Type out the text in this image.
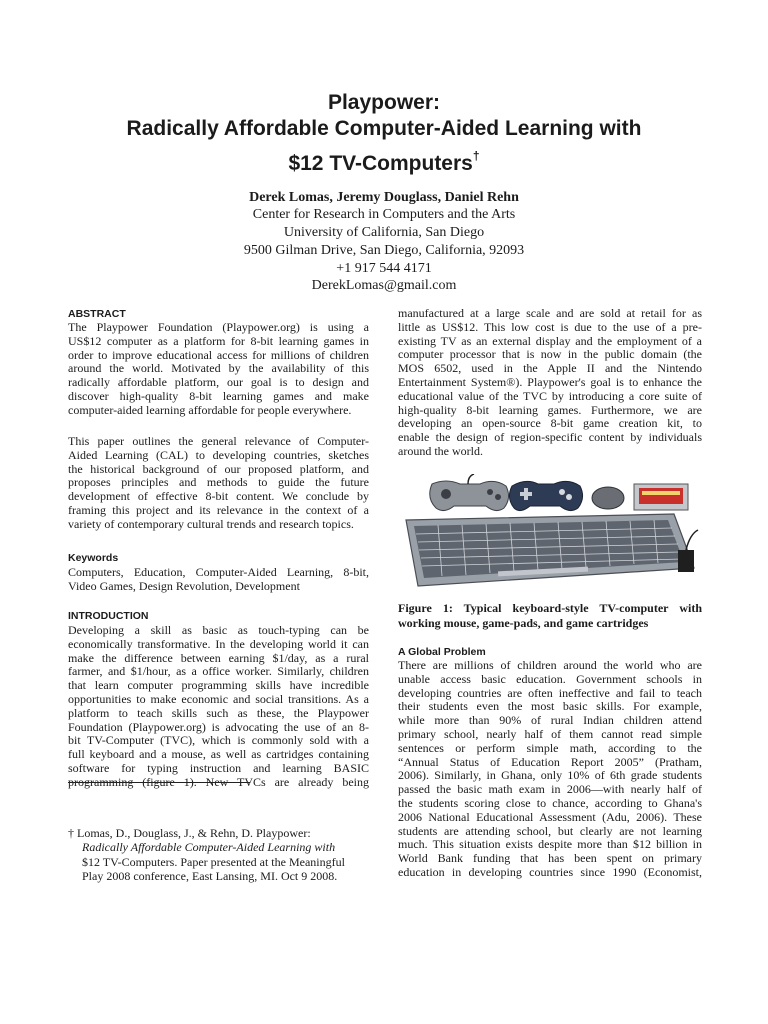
Playpower:
Radically Affordable Computer-Aided Learning with
$12 TV-Computers†
Derek Lomas, Jeremy Douglass, Daniel Rehn
Center for Research in Computers and the Arts
University of California, San Diego
9500 Gilman Drive, San Diego, California, 92093
+1 917 544 4171
DerekLomas@gmail.com
ABSTRACT
The Playpower Foundation (Playpower.org) is using a
US$12 computer as a platform for 8-bit learning games in
order to improve educational access for millions of children
around the world. Motivated by the availability of this
radically affordable platform, our goal is to design and
discover high-quality 8-bit learning games and make
computer-aided learning affordable for people everywhere.
This paper outlines the general relevance of Computer-
Aided Learning (CAL) to developing countries, sketches
the historical background of our proposed platform, and
proposes principles and methods to guide the future
development of effective 8-bit content. We conclude by
framing this project and its relevance in the context of a
variety of contemporary cultural trends and research topics.
Keywords
Computers, Education, Computer-Aided Learning, 8-bit,
Video Games, Design Revolution, Development
INTRODUCTION
Developing a skill as basic as touch-typing can be
economically transformative. In the developing world it can
make the difference between earning $1/day, as a rural
farmer, and $1/hour, as a office worker. Similarly, children
that learn computer programming skills have incredible
opportunities to make economic and social transitions. As a
platform to teach skills such as these, the Playpower
Foundation (Playpower.org) is advocating the use of an 8-
bit TV-Computer (TVC), which is commonly sold with a
full keyboard and a mouse, as well as cartridges containing
software for typing instruction and learning BASIC
programming (figure 1). New TVCs are already being
† Lomas, D., Douglass, J., & Rehn, D. Playpower:
Radically Affordable Computer-Aided Learning with
$12 TV-Computers. Paper presented at the Meaningful
Play 2008 conference, East Lansing, MI. Oct 9 2008.
manufactured at a large scale and are sold at retail for as
little as US$12. This low cost is due to the use of a pre-
existing TV as an external display and the employment of a
computer processor that is now in the public domain (the
MOS 6502, used in the Apple II and the Nintendo
Entertainment System®). Playpower's goal is to enhance the
educational value of the TVC by introducing a core suite of
high-quality 8-bit learning games. Furthermore, we are
developing an open-source 8-bit game creation kit, to
enable the design of region-specific content by individuals
around the world.
Figure 1: Typical keyboard-style TV-computer with
working mouse, game-pads, and game cartridges
A Global Problem
There are millions of children around the world who are
unable access basic education. Government schools in
developing countries are often ineffective and fail to teach
their students even the most basic skills. For example,
while more than 90% of rural Indian children attend
primary school, nearly half of them cannot read simple
sentences or perform simple math, according to the
“Annual Status of Education Report 2005” (Pratham,
2006). Similarly, in Ghana, only 10% of 6th grade students
passed the basic math exam in 2006—with nearly half of
the students scoring close to chance, according to Ghana's
2006 National Educational Assessment (Adu, 2006). These
students are attending school, but clearly are not learning
much. This situation exists despite more than $12 billion in
World Bank funding that has been spent on primary
education in developing countries since 1990 (Economist,
